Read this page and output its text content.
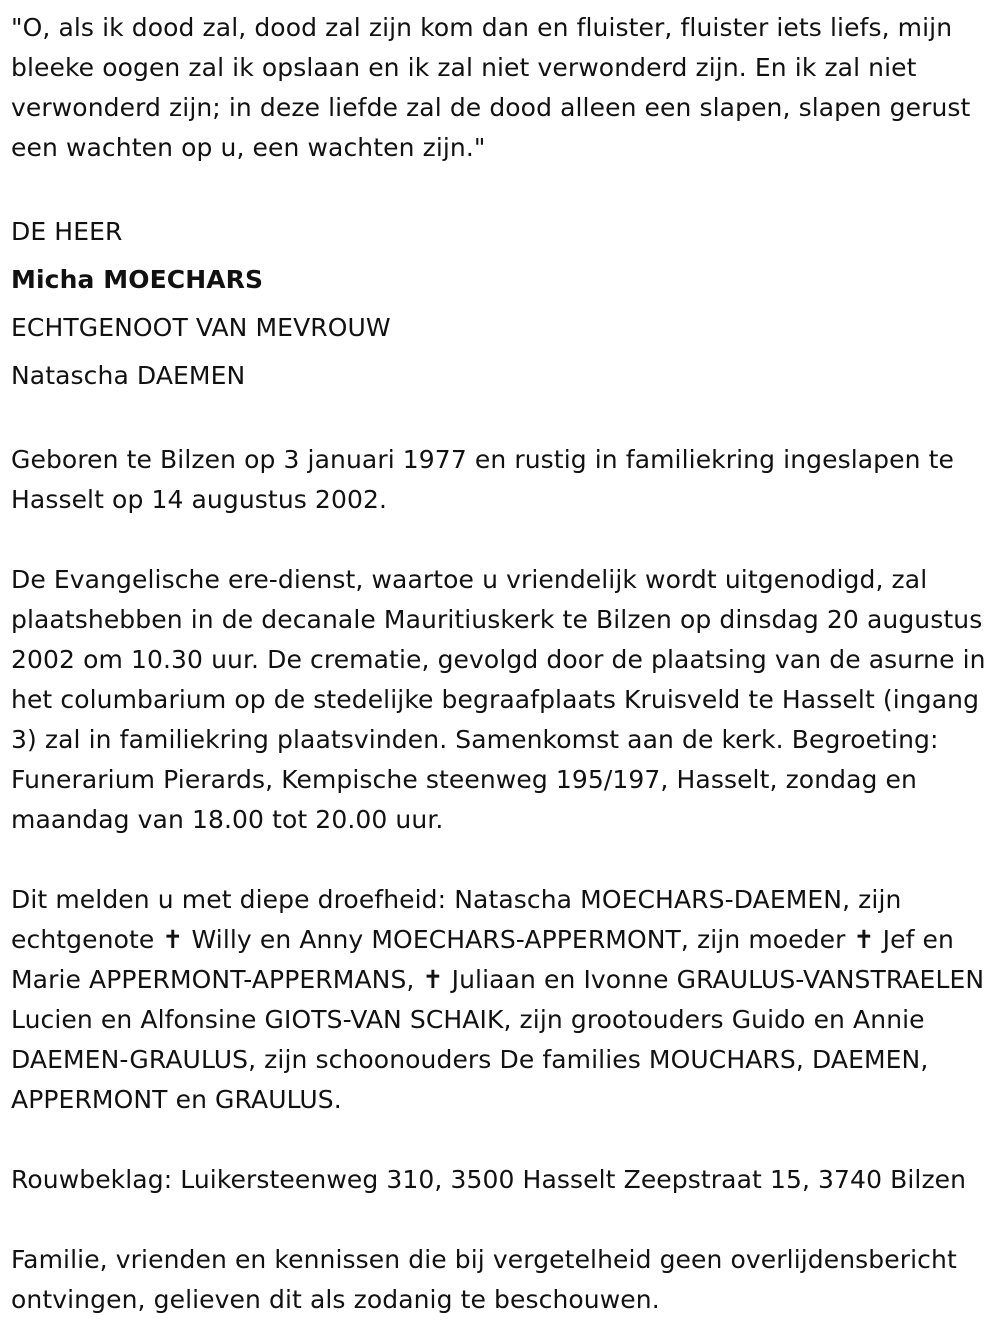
"O, als ik dood zal, dood zal zijn kom dan en fluister, fluister iets liefs, mijn bleeke oogen zal ik opslaan en ik zal niet verwonderd zijn. En ik zal niet verwonderd zijn; in deze liefde zal de dood alleen een slapen, slapen gerust een wachten op u, een wachten zijn."

DE HEER

Micha MOECHARS

ECHTGENOOT VAN MEVROUW

Natascha DAEMEN

Geboren te Bilzen op 3 januari 1977 en rustig in familiekring ingeslapen te Hasselt op 14 augustus 2002.

De Evangelische ere-dienst, waartoe u vriendelijk wordt uitgenodigd, zal plaatshebben in de decanale Mauritiuskerk te Bilzen op dinsdag 20 augustus 2002 om 10.30 uur. De crematie, gevolgd door de plaatsing van de asurne in het columbarium op de stedelijke begraafplaats Kruisveld te Hasselt (ingang 3) zal in familiekring plaatsvinden. Samenkomst aan de kerk. Begroeting: Funerarium Pierards, Kempische steenweg 195/197, Hasselt, zondag en maandag van 18.00 tot 20.00 uur.

Dit melden u met diepe droefheid: Natascha MOECHARS-DAEMEN, zijn echtgenote ✝ Willy en Anny MOECHARS-APPERMONT, zijn moeder ✝ Jef en Marie APPERMONT-APPERMANS, ✝ Juliaan en Ivonne GRAULUS-VANSTRAELEN Lucien en Alfonsine GIOTS-VAN SCHAIK, zijn grootouders Guido en Annie DAEMEN-GRAULUS, zijn schoonouders De families MOUCHARS, DAEMEN, APPERMONT en GRAULUS.

Rouwbeklag: Luikersteenweg 310, 3500 Hasselt Zeepstraat 15, 3740 Bilzen

Familie, vrienden en kennissen die bij vergetelheid geen overlijdensbericht ontvingen, gelieven dit als zodanig te beschouwen.
